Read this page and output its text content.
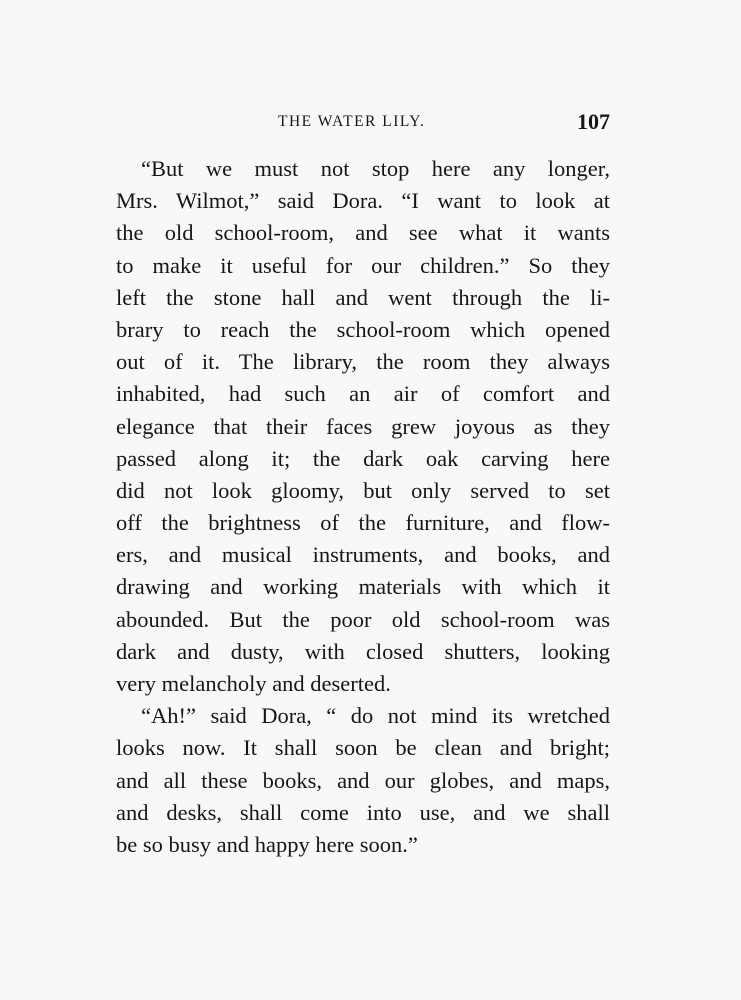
THE WATER LILY.	107

“But we must not stop here any longer,
Mrs. Wilmot,” said Dora. “I want to look at
the old school-room, and see what it wants
to make it useful for our children.” So they
left the stone hall and went through the li-
brary to reach the school-room which opened
out of it. The library, the room they always
inhabited, had such an air of comfort and
elegance that their faces grew joyous as they
passed along it; the dark oak carving here
did not look gloomy, but only served to set
off the brightness of the furniture, and flow-
ers, and musical instruments, and books, and
drawing and working materials with which it
abounded. But the poor old school-room was
dark and dusty, with closed shutters, looking
very melancholy and deserted.

“Ah!” said Dora, “ do not mind its wretched
looks now. It shall soon be clean and bright;
and all these books, and our globes, and maps,
and desks, shall come into use, and we shall
be so busy and happy here soon.”
